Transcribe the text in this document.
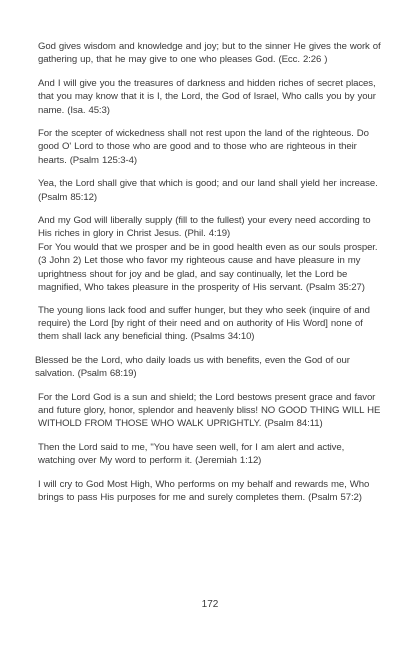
God gives wisdom and knowledge and joy; but to the sinner He gives the work of gathering up, that he may give to one who pleases God. (Ecc. 2:26 )

And I will give you the treasures of darkness and hidden riches of secret places, that you may know that it is I, the Lord, the God of Israel, Who calls you by your name. (Isa. 45:3)

For the scepter of wickedness shall not rest upon the land of the righteous. Do good O' Lord to those who are good and to those who are righteous in their hearts. (Psalm 125:3-4)

Yea, the Lord shall give that which is good; and our land shall yield her increase. (Psalm 85:12)

And my God will liberally supply (fill to the fullest) your every need according to His riches in glory in Christ Jesus. (Phil. 4:19)
For You would that we prosper and be in good health even as our souls prosper. (3 John 2) Let those who favor my righteous cause and have pleasure in my uprightness shout for joy and be glad, and say continually, let the Lord be magnified, Who takes pleasure in the prosperity of His servant. (Psalm 35:27)

The young lions lack food and suffer hunger, but they who seek (inquire of and require) the Lord [by right of their need and on authority of His Word] none of them shall lack any beneficial thing. (Psalms 34:10)

Blessed be the Lord, who daily loads us with benefits, even the God of our salvation. (Psalm 68:19)

For the Lord God is a sun and shield; the Lord bestows present grace and favor and future glory, honor, splendor and heavenly bliss! NO GOOD THING WILL HE WITHOLD FROM THOSE WHO WALK UPRIGHTLY. (Psalm 84:11)

Then the Lord said to me, "You have seen well, for I am alert and active, watching over My word to perform it. (Jeremiah 1:12)

I will cry to God Most High, Who performs on my behalf and rewards me, Who brings to pass His purposes for me and surely completes them. (Psalm 57:2)

172
